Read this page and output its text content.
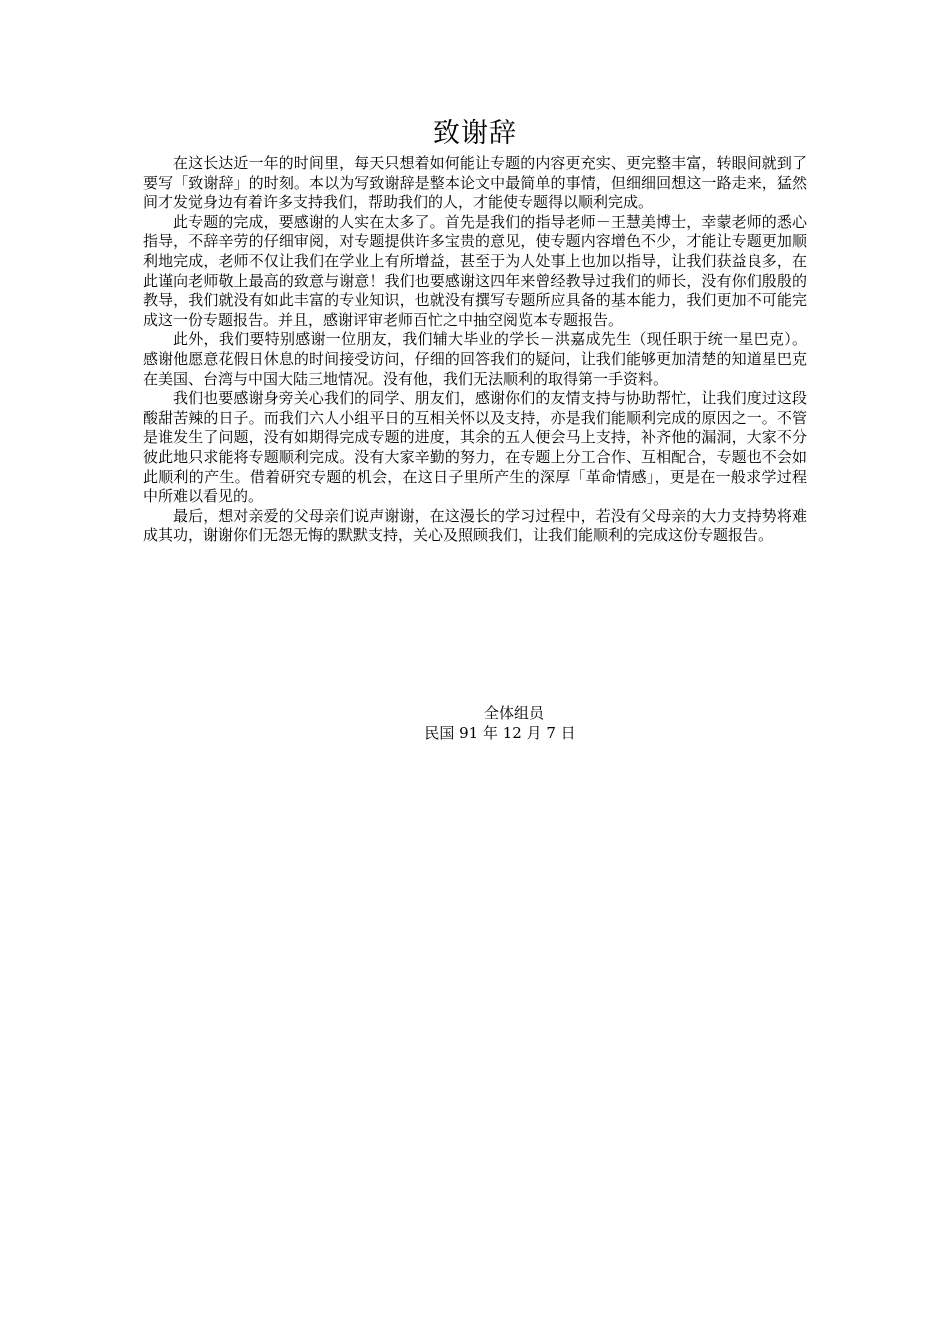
致谢辞

在这长达近一年的时间里，每天只想着如何能让专题的内容更充实、更完整丰富，转眼间就到了要写「致谢辞」的时刻。本以为写致谢辞是整本论文中最简单的事情，但细细回想这一路走来，猛然间才发觉身边有着许多支持我们，帮助我们的人，才能使专题得以顺利完成。

此专题的完成，要感谢的人实在太多了。首先是我们的指导老师－王慧美博士，幸蒙老师的悉心指导，不辞辛劳的仔细审阅，对专题提供许多宝贵的意见，使专题内容增色不少，才能让专题更加顺利地完成，老师不仅让我们在学业上有所增益，甚至于为人处事上也加以指导，让我们获益良多，在此谨向老师敬上最高的致意与谢意！我们也要感谢这四年来曾经教导过我们的师长，没有你们殷殷的教导，我们就没有如此丰富的专业知识，也就没有撰写专题所应具备的基本能力，我们更加不可能完成这一份专题报告。并且，感谢评审老师百忙之中抽空阅览本专题报告。

此外，我们要特别感谢一位朋友，我们辅大毕业的学长－洪嘉成先生（现任职于统一星巴克）。感谢他愿意花假日休息的时间接受访问，仔细的回答我们的疑问，让我们能够更加清楚的知道星巴克在美国、台湾与中国大陆三地情况。没有他，我们无法顺利的取得第一手资料。

我们也要感谢身旁关心我们的同学、朋友们，感谢你们的友情支持与协助帮忙，让我们度过这段酸甜苦辣的日子。而我们六人小组平日的互相关怀以及支持，亦是我们能顺利完成的原因之一。不管是谁发生了问题，没有如期得完成专题的进度，其余的五人便会马上支持，补齐他的漏洞，大家不分彼此地只求能将专题顺利完成。没有大家辛勤的努力，在专题上分工合作、互相配合，专题也不会如此顺利的产生。借着研究专题的机会，在这日子里所产生的深厚「革命情感」，更是在一般求学过程中所难以看见的。

最后，想对亲爱的父母亲们说声谢谢，在这漫长的学习过程中，若没有父母亲的大力支持势将难成其功，谢谢你们无怨无悔的默默支持，关心及照顾我们，让我们能顺利的完成这份专题报告。

全体组员
民国 91 年 12 月 7 日
